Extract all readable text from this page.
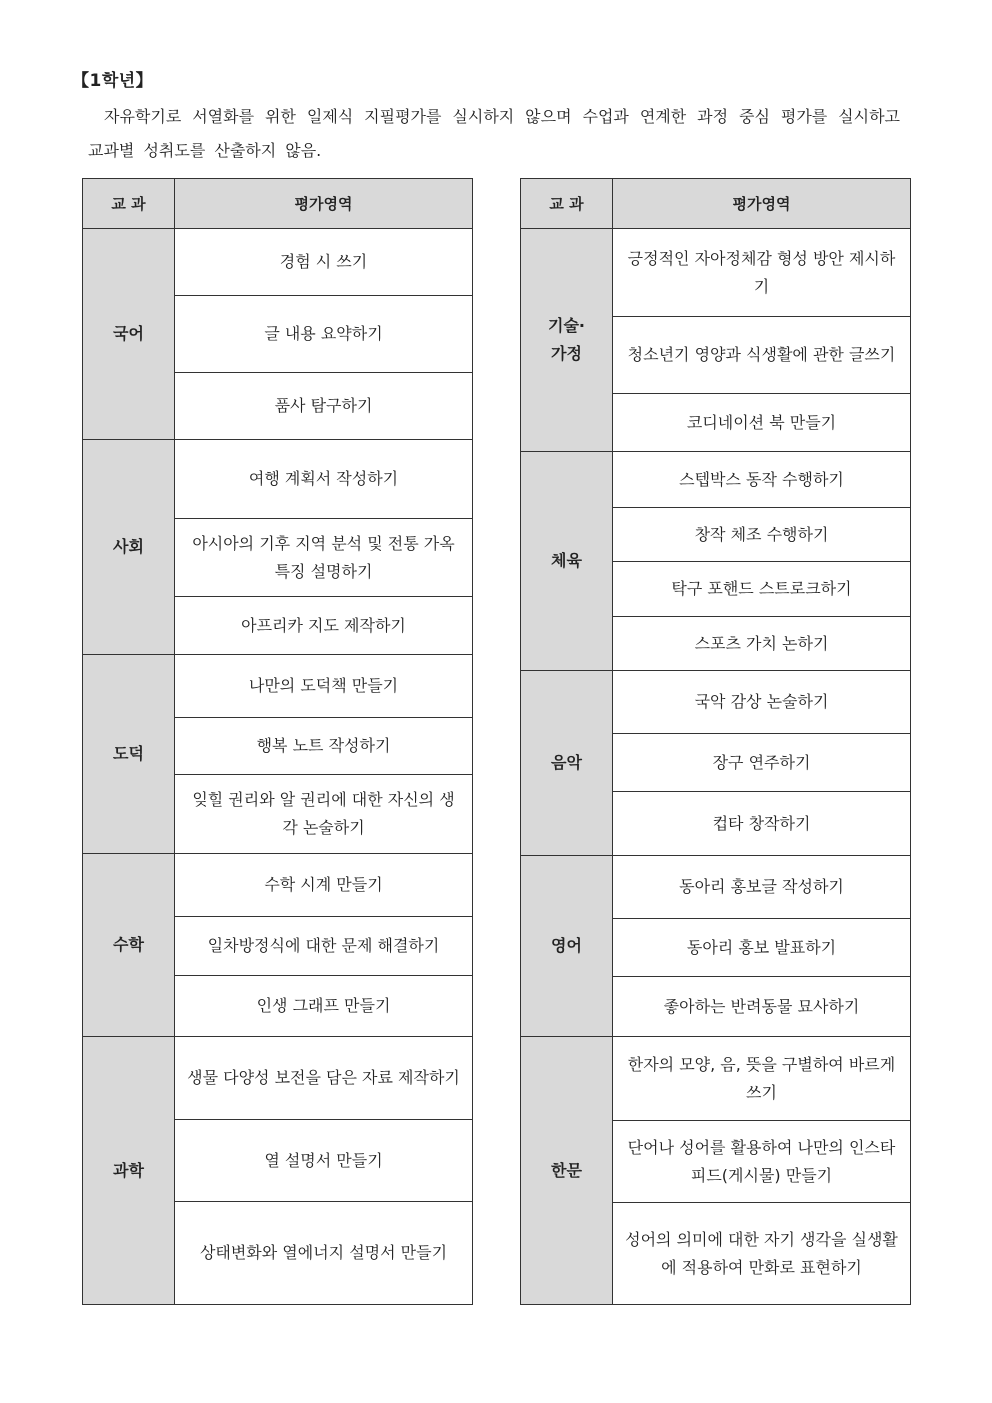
【1학년】
자유학기로 서열화를 위한 일제식 지필평가를 실시하지 않으며 수업과 연계한 과정 중심 평가를 실시하고 교과별 성취도를 산출하지 않음.
교 과	평가영역
국어	경험 시 쓰기
	글 내용 요약하기
	품사 탐구하기
사회	여행 계획서 작성하기
	아시아의 기후 지역 분석 및 전통 가옥 특징 설명하기
	아프리카 지도 제작하기
도덕	나만의 도덕책 만들기
	행복 노트 작성하기
	잊힐 권리와 알 권리에 대한 자신의 생각 논술하기
수학	수학 시계 만들기
	일차방정식에 대한 문제 해결하기
	인생 그래프 만들기
과학	생물 다양성 보전을 담은 자료 제작하기
	열 설명서 만들기
	상태변화와 열에너지 설명서 만들기
교 과	평가영역
기술·
가정	긍정적인 자아정체감 형성 방안 제시하기
	청소년기 영양과 식생활에 관한 글쓰기
	코디네이션 북 만들기
체육	스텝박스 동작 수행하기
	창작 체조 수행하기
	탁구 포핸드 스트로크하기
	스포츠 가치 논하기
음악	국악 감상 논술하기
	장구 연주하기
	컵타 창작하기
영어	동아리 홍보글 작성하기
	동아리 홍보 발표하기
	좋아하는 반려동물 묘사하기
한문	한자의 모양, 음, 뜻을 구별하여 바르게 쓰기
	단어나 성어를 활용하여 나만의 인스타 피드(게시물) 만들기
	성어의 의미에 대한 자기 생각을 실생활에 적용하여 만화로 표현하기
